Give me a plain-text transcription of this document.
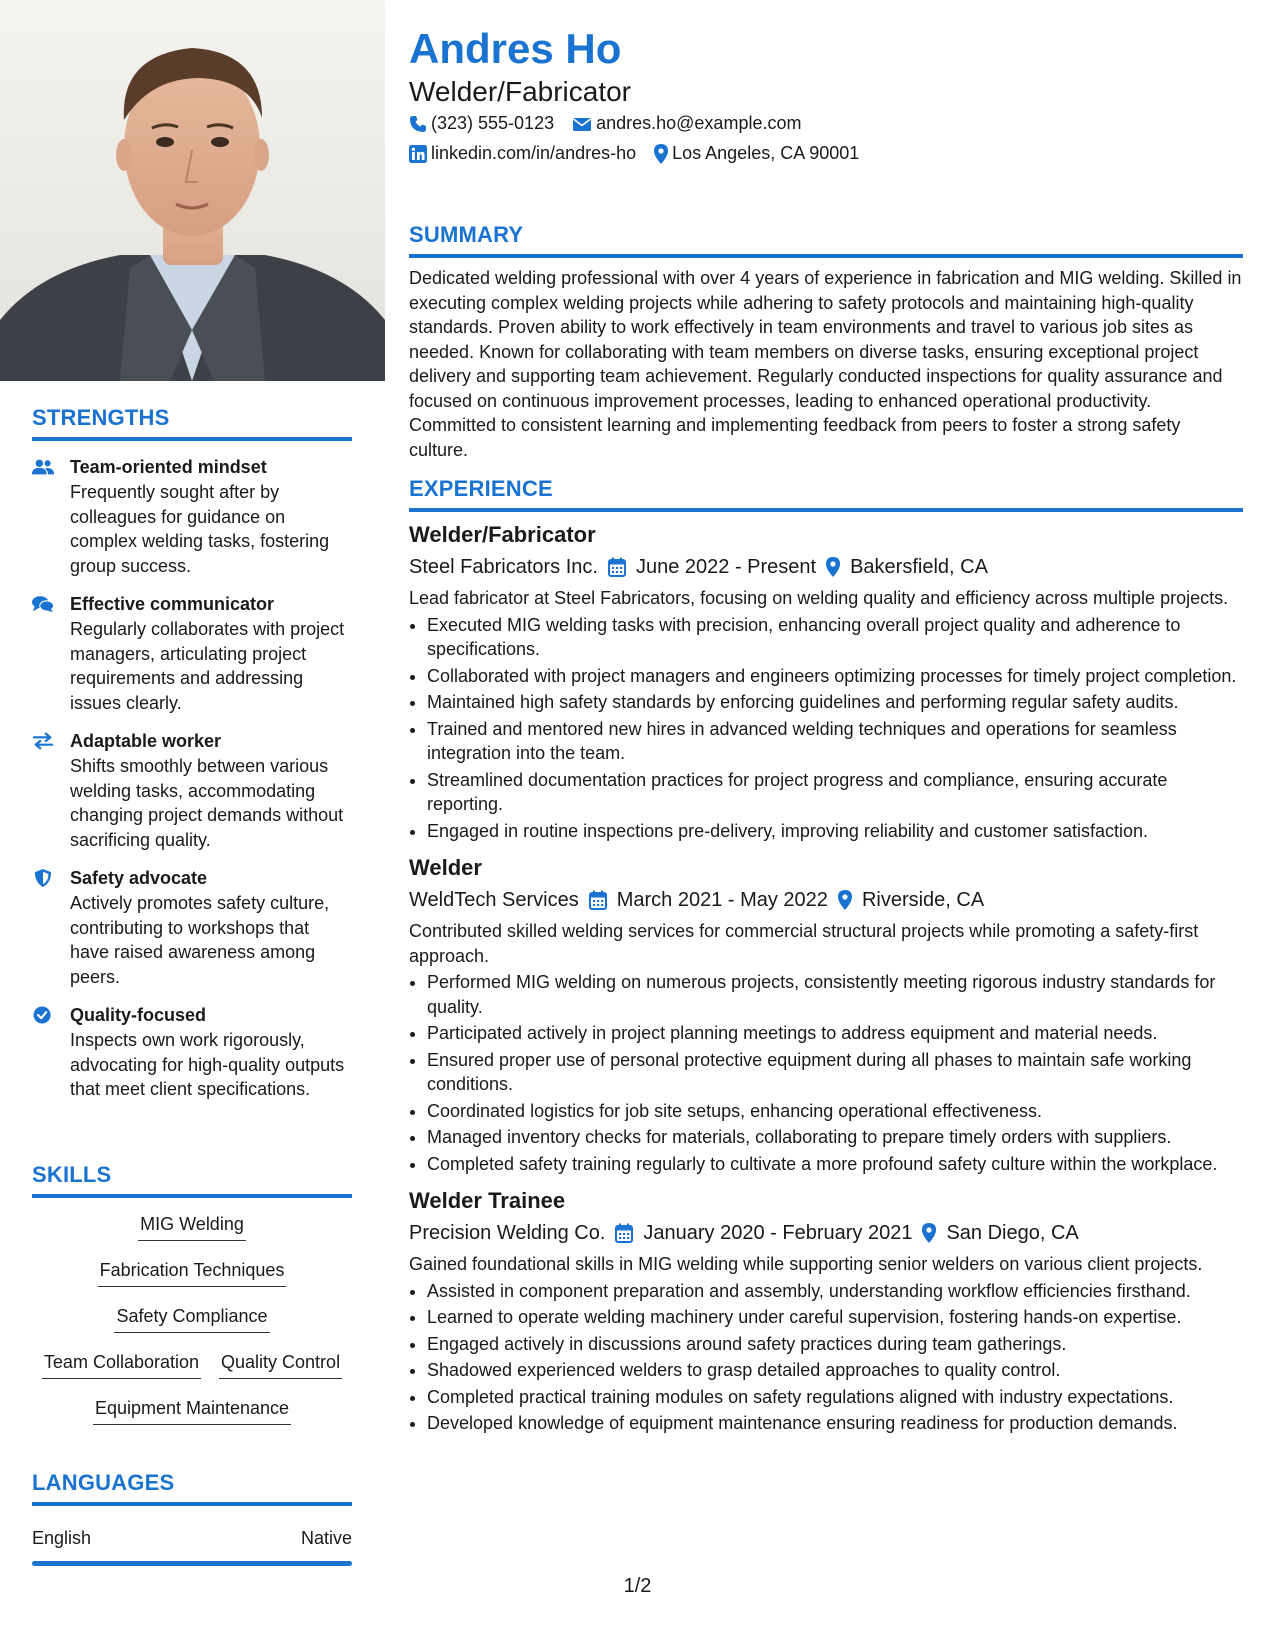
STRENGTHS
Team-oriented mindset
Frequently sought after by colleagues for guidance on complex welding tasks, fostering group success.
Effective communicator
Regularly collaborates with project managers, articulating project requirements and addressing issues clearly.
Adaptable worker
Shifts smoothly between various welding tasks, accommodating changing project demands without sacrificing quality.
Safety advocate
Actively promotes safety culture, contributing to workshops that have raised awareness among peers.
Quality-focused
Inspects own work rigorously, advocating for high-quality outputs that meet client specifications.
SKILLS
MIG Welding
Fabrication Techniques
Safety Compliance
Team Collaboration Quality Control
Equipment Maintenance
LANGUAGES
English	Native
Andres Ho
Welder/Fabricator
(323) 555-0123 andres.ho@example.com
linkedin.com/in/andres-ho Los Angeles, CA 90001
SUMMARY
Dedicated welding professional with over 4 years of experience in fabrication and MIG welding. Skilled in executing complex welding projects while adhering to safety protocols and maintaining high-quality standards. Proven ability to work effectively in team environments and travel to various job sites as needed. Known for collaborating with team members on diverse tasks, ensuring exceptional project delivery and supporting team achievement. Regularly conducted inspections for quality assurance and focused on continuous improvement processes, leading to enhanced operational productivity. Committed to consistent learning and implementing feedback from peers to foster a strong safety culture.
EXPERIENCE
Welder/Fabricator
Steel Fabricators Inc. June 2022 - Present Bakersfield, CA
Lead fabricator at Steel Fabricators, focusing on welding quality and efficiency across multiple projects.
• Executed MIG welding tasks with precision, enhancing overall project quality and adherence to specifications.
• Collaborated with project managers and engineers optimizing processes for timely project completion.
• Maintained high safety standards by enforcing guidelines and performing regular safety audits.
• Trained and mentored new hires in advanced welding techniques and operations for seamless integration into the team.
• Streamlined documentation practices for project progress and compliance, ensuring accurate reporting.
• Engaged in routine inspections pre-delivery, improving reliability and customer satisfaction.
Welder
WeldTech Services March 2021 - May 2022 Riverside, CA
Contributed skilled welding services for commercial structural projects while promoting a safety-first approach.
• Performed MIG welding on numerous projects, consistently meeting rigorous industry standards for quality.
• Participated actively in project planning meetings to address equipment and material needs.
• Ensured proper use of personal protective equipment during all phases to maintain safe working conditions.
• Coordinated logistics for job site setups, enhancing operational effectiveness.
• Managed inventory checks for materials, collaborating to prepare timely orders with suppliers.
• Completed safety training regularly to cultivate a more profound safety culture within the workplace.
Welder Trainee
Precision Welding Co. January 2020 - February 2021 San Diego, CA
Gained foundational skills in MIG welding while supporting senior welders on various client projects.
• Assisted in component preparation and assembly, understanding workflow efficiencies firsthand.
• Learned to operate welding machinery under careful supervision, fostering hands-on expertise.
• Engaged actively in discussions around safety practices during team gatherings.
• Shadowed experienced welders to grasp detailed approaches to quality control.
• Completed practical training modules on safety regulations aligned with industry expectations.
• Developed knowledge of equipment maintenance ensuring readiness for production demands.
1/2
